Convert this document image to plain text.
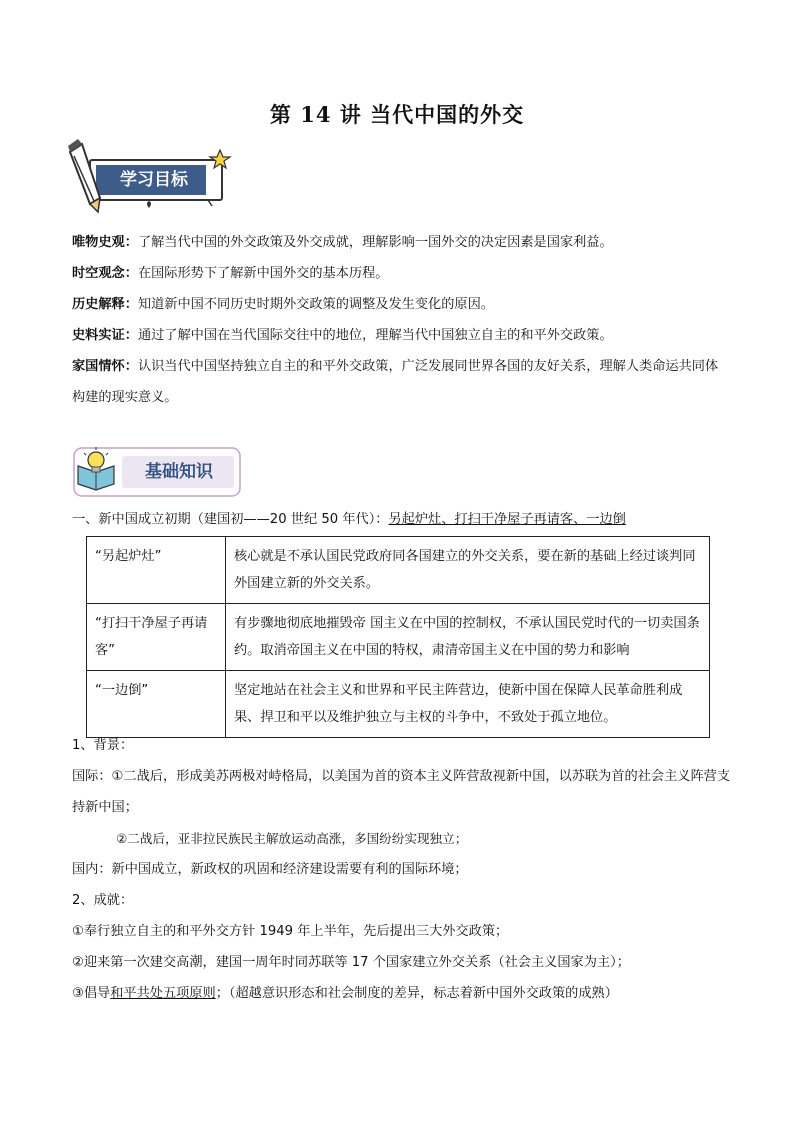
第 14 讲 当代中国的外交
学习目标
唯物史观：了解当代中国的外交政策及外交成就，理解影响一国外交的决定因素是国家利益。
时空观念：在国际形势下了解新中国外交的基本历程。
历史解释：知道新中国不同历史时期外交政策的调整及发生变化的原因。
史料实证：通过了解中国在当代国际交往中的地位，理解当代中国独立自主的和平外交政策。
家国情怀：认识当代中国坚持独立自主的和平外交政策，广泛发展同世界各国的友好关系，理解人类命运共同体构建的现实意义。
基础知识
一、新中国成立初期（建国初——20 世纪 50 年代）：另起炉灶、打扫干净屋子再请客、一边倒
“另起炉灶”	核心就是不承认国民党政府同各国建立的外交关系，要在新的基础上经过谈判同外国建立新的外交关系。
“打扫干净屋子再请客”	有步骤地彻底地摧毁帝 国主义在中国的控制权，不承认国民党时代的一切卖国条约。取消帝国主义在中国的特权，肃清帝国主义在中国的势力和影响
“一边倒”	坚定地站在社会主义和世界和平民主阵营边，使新中国在保障人民革命胜利成果、捍卫和平以及维护独立与主权的斗争中，不致处于孤立地位。
1、背景：
国际：①二战后，形成美苏两极对峙格局，以美国为首的资本主义阵营敌视新中国，以苏联为首的社会主义阵营支持新中国；
②二战后，亚非拉民族民主解放运动高涨，多国纷纷实现独立；
国内：新中国成立，新政权的巩固和经济建设需要有利的国际环境；
2、成就：
①奉行独立自主的和平外交方针 1949 年上半年，先后提出三大外交政策；
②迎来第一次建交高潮，建国一周年时同苏联等 17 个国家建立外交关系（社会主义国家为主）；
③倡导和平共处五项原则；（超越意识形态和社会制度的差异，标志着新中国外交政策的成熟）
